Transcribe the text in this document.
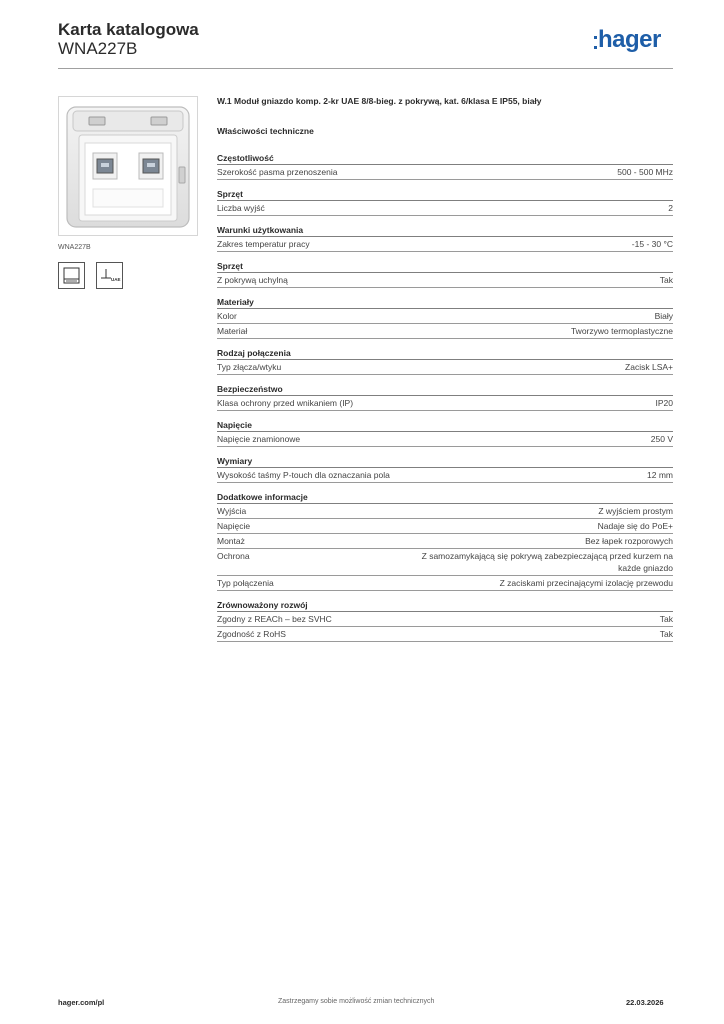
Karta katalogowa
WNA227B	hager
WNA227B
UAE
W.1 Moduł gniazdo komp. 2-kr UAE 8/8-bieg. z pokrywą, kat. 6/klasa E IP55, biały
Właściwości techniczne
Częstotliwość
Szerokość pasma przenoszenia	500 - 500 MHz
Sprzęt
Liczba wyjść	2
Warunki użytkowania
Zakres temperatur pracy	-15 - 30 °C
Sprzęt
Z pokrywą uchylną	Tak
Materiały
Kolor	Biały
Materiał	Tworzywo termoplastyczne
Rodzaj połączenia
Typ złącza/wtyku	Zacisk LSA+
Bezpieczeństwo
Klasa ochrony przed wnikaniem (IP)	IP20
Napięcie
Napięcie znamionowe	250 V
Wymiary
Wysokość taśmy P-touch dla oznaczania pola	12 mm
Dodatkowe informacje
Wyjścia	Z wyjściem prostym
Napięcie	Nadaje się do PoE+
Montaż	Bez łapek rozporowych
Ochrona	Z samozamykającą się pokrywą zabezpieczającą przed kurzem na każde gniazdo
Typ połączenia	Z zaciskami przecinającymi izolację przewodu
Zrównoważony rozwój
Zgodny z REACh – bez SVHC	Tak
Zgodność z RoHS	Tak
hager.com/pl	Zastrzegamy sobie możliwość zmian technicznych	22.03.2026
